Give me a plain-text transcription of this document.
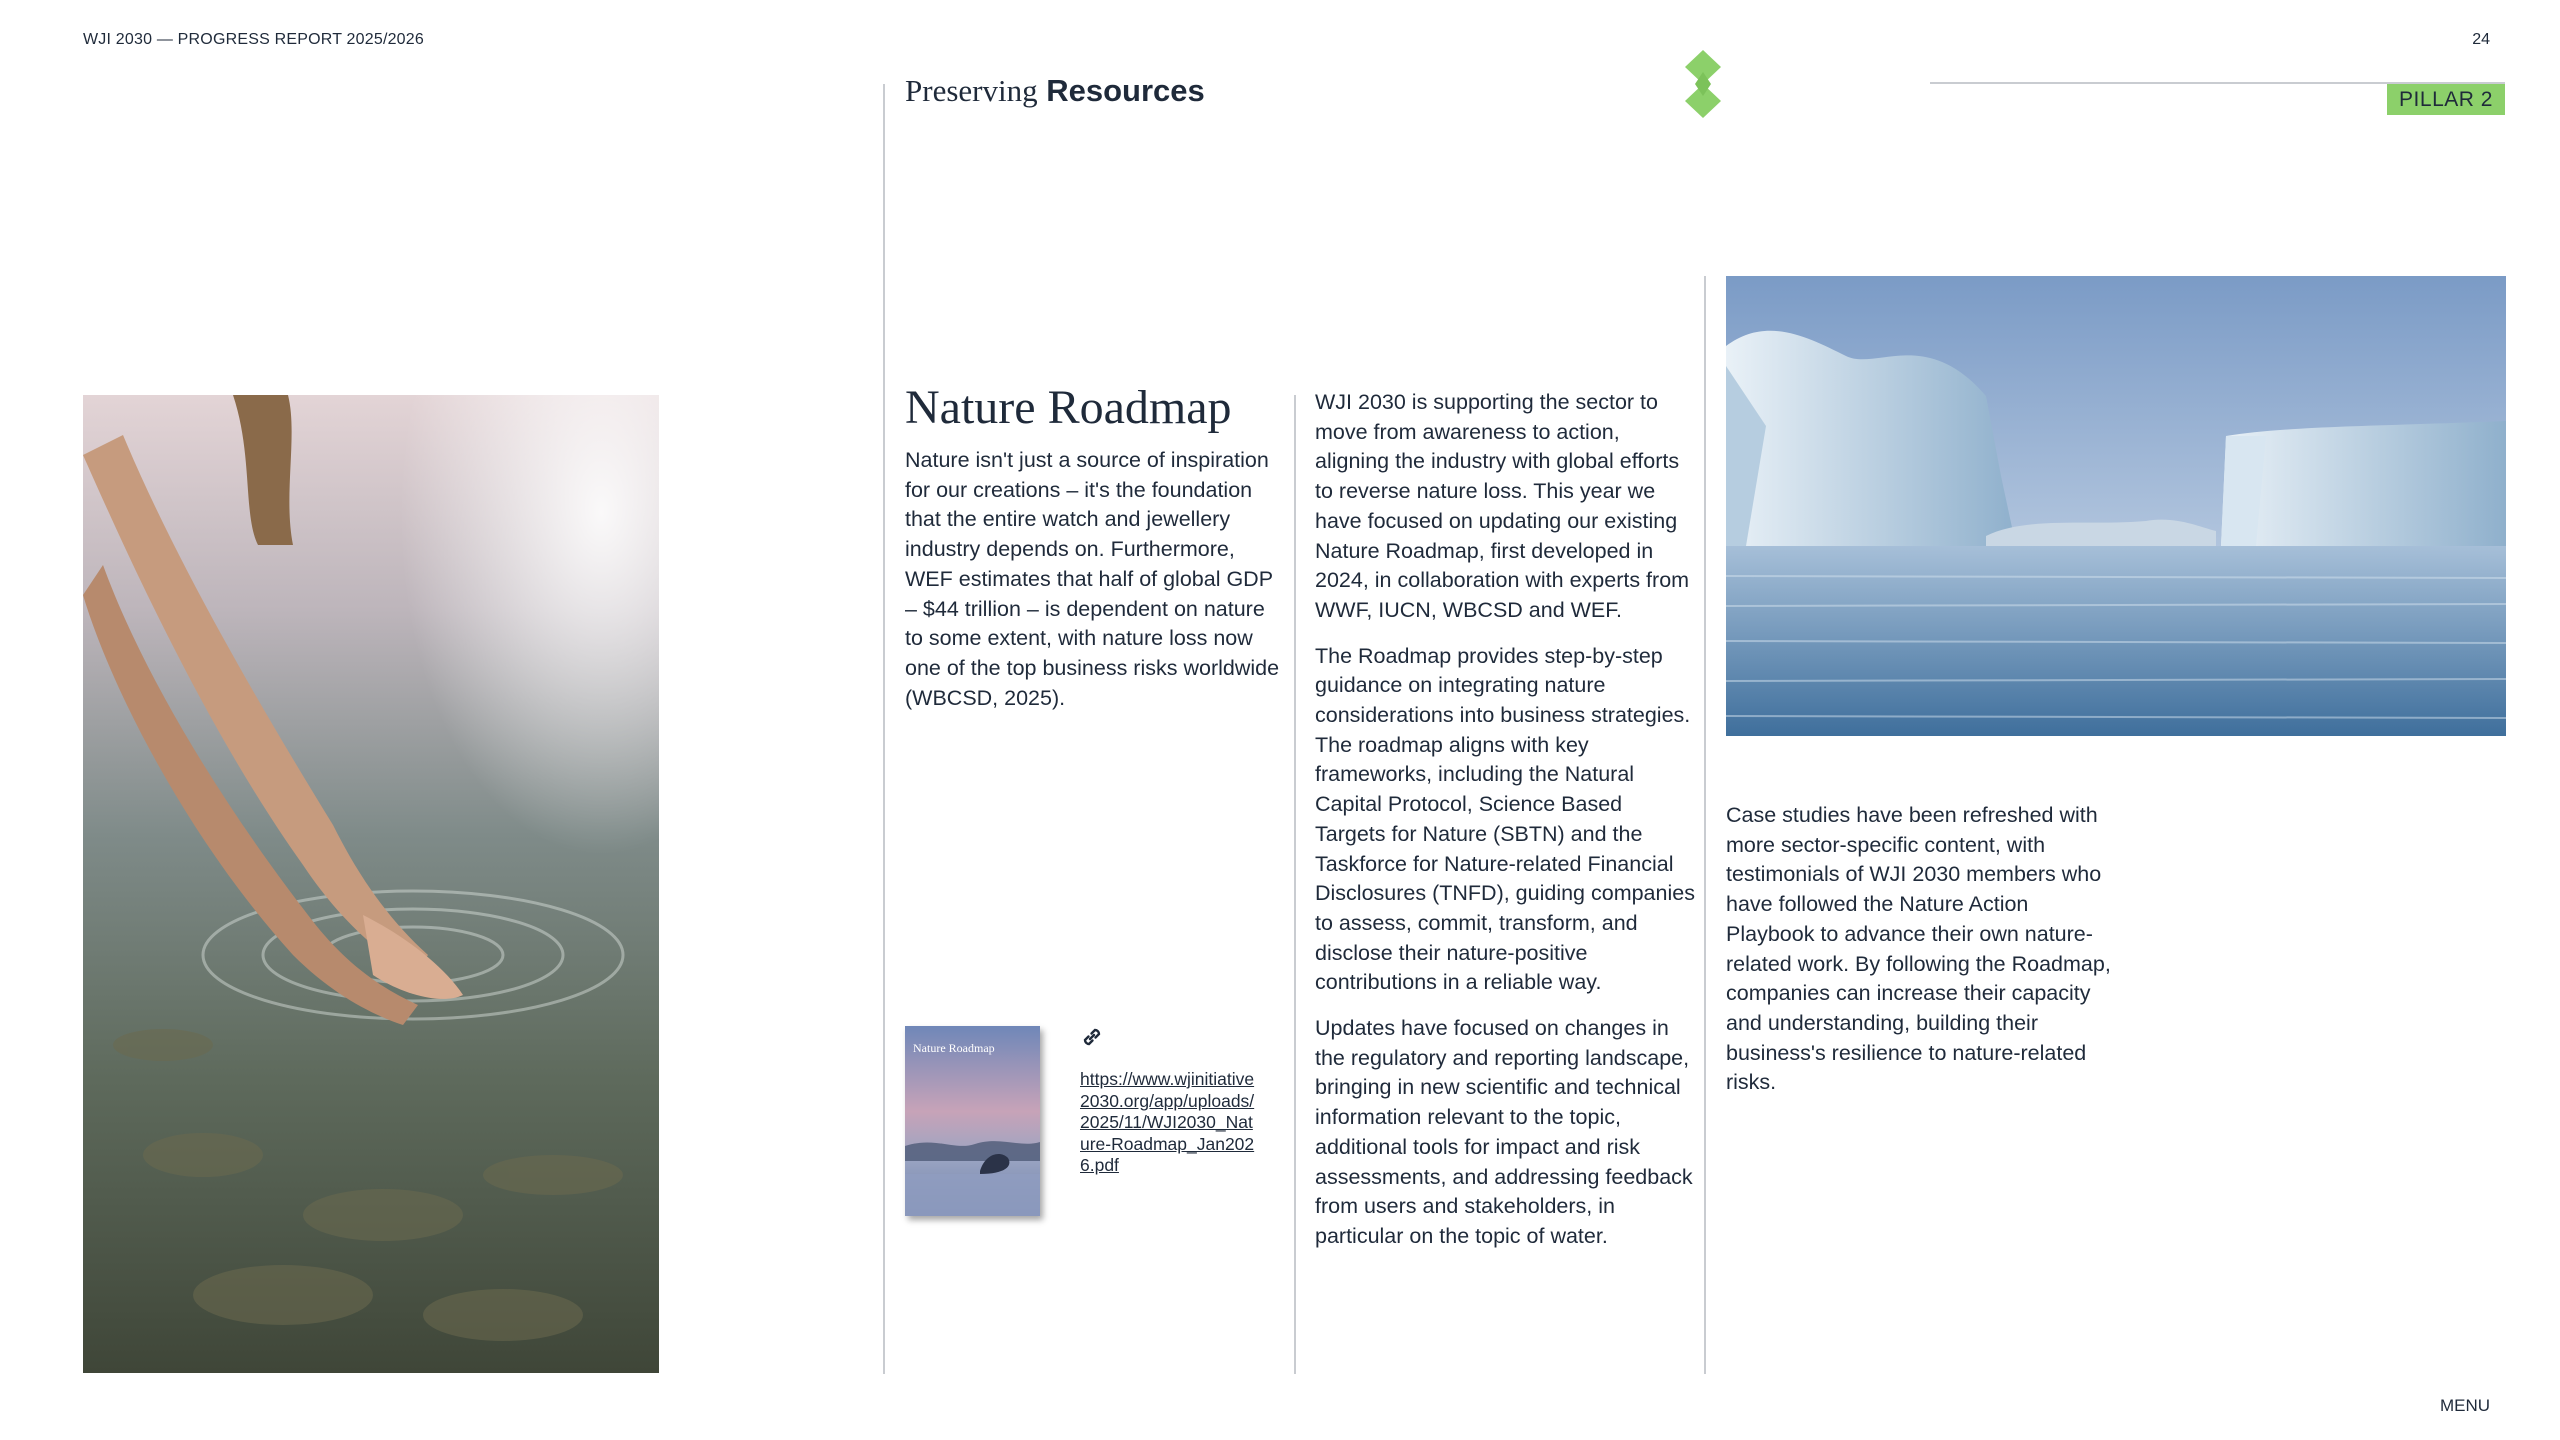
WJI 2030 — PROGRESS REPORT 2025/2026	24
Preserving Resources	PILLAR 2
Nature Roadmap

Nature isn't just a source of inspiration for our creations – it's the foundation that the entire watch and jewellery industry depends on. Furthermore, WEF estimates that half of global GDP – $44 trillion – is dependent on nature to some extent, with nature loss now one of the top business risks worldwide (WBCSD, 2025).

Nature Roadmap
https://www.wjinitiative2030.org/app/uploads/2025/11/WJI2030_Nature-Roadmap_Jan2026.pdf

WJI 2030 is supporting the sector to move from awareness to action, aligning the industry with global efforts to reverse nature loss. This year we have focused on updating our existing Nature Roadmap, first developed in 2024, in collaboration with experts from WWF, IUCN, WBCSD and WEF.

The Roadmap provides step-by-step guidance on integrating nature considerations into business strategies. The roadmap aligns with key frameworks, including the Natural Capital Protocol, Science Based Targets for Nature (SBTN) and the Taskforce for Nature-related Financial Disclosures (TNFD), guiding companies to assess, commit, transform, and disclose their nature-positive contributions in a reliable way.

Updates have focused on changes in the regulatory and reporting landscape, bringing in new scientific and technical information relevant to the topic, additional tools for impact and risk assessments, and addressing feedback from users and stakeholders, in particular on the topic of water.

Case studies have been refreshed with more sector-specific content, with testimonials of WJI 2030 members who have followed the Nature Action Playbook to advance their own nature-related work. By following the Roadmap, companies can increase their capacity and understanding, building their business's resilience to nature-related risks.

MENU
